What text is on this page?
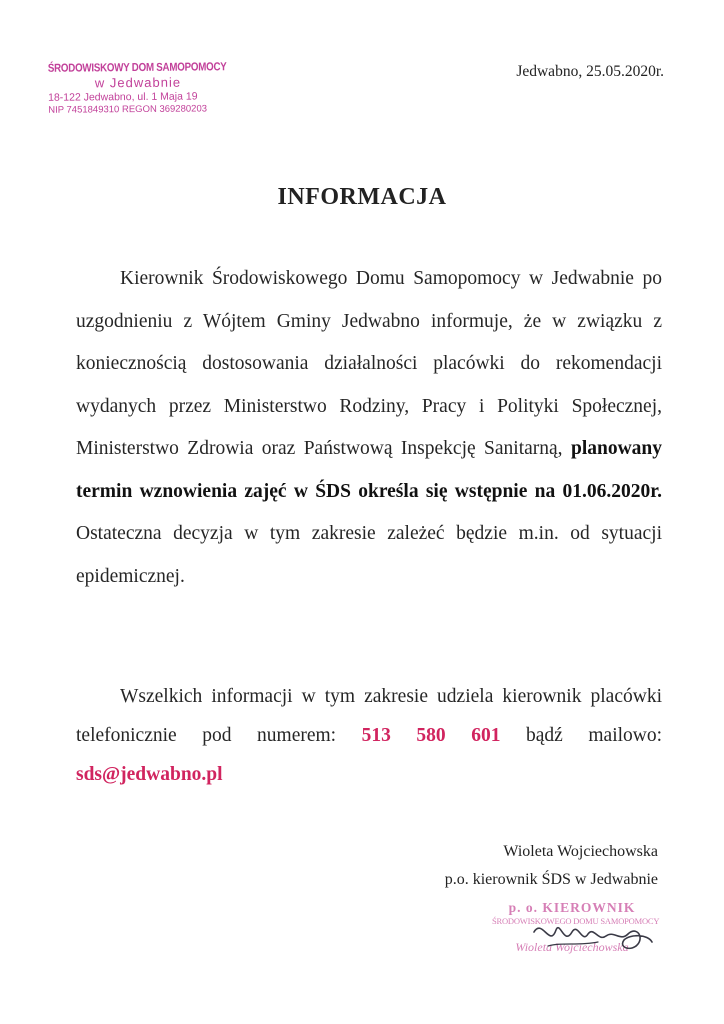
ŚRODOWISKOWY DOM SAMOPOMOCY
w Jedwabnie
18-122 Jedwabno, ul. 1 Maja 19
NIP 7451849310 REGON 369280203
Jedwabno, 25.05.2020r.
INFORMACJA

Kierownik Środowiskowego Domu Samopomocy w Jedwabnie po uzgodnieniu z Wójtem Gminy Jedwabno informuje, że w związku z koniecznością dostosowania działalności placówki do rekomendacji wydanych przez Ministerstwo Rodziny, Pracy i Polityki Społecznej, Ministerstwo Zdrowia oraz Państwową Inspekcję Sanitarną, planowany termin wznowienia zajęć w ŚDS określa się wstępnie na 01.06.2020r. Ostateczna decyzja w tym zakresie zależeć będzie m.in. od sytuacji epidemicznej.

Wszelkich informacji w tym zakresie udziela kierownik placówki telefonicznie pod numerem: 513 580 601 bądź mailowo: sds@jedwabno.pl

Wioleta Wojciechowska
p.o. kierownik ŚDS w Jedwabnie
p. o. KIEROWNIK
ŚRODOWISKOWEGO DOMU SAMOPOMOCY
Wioleta Wojciechowska
